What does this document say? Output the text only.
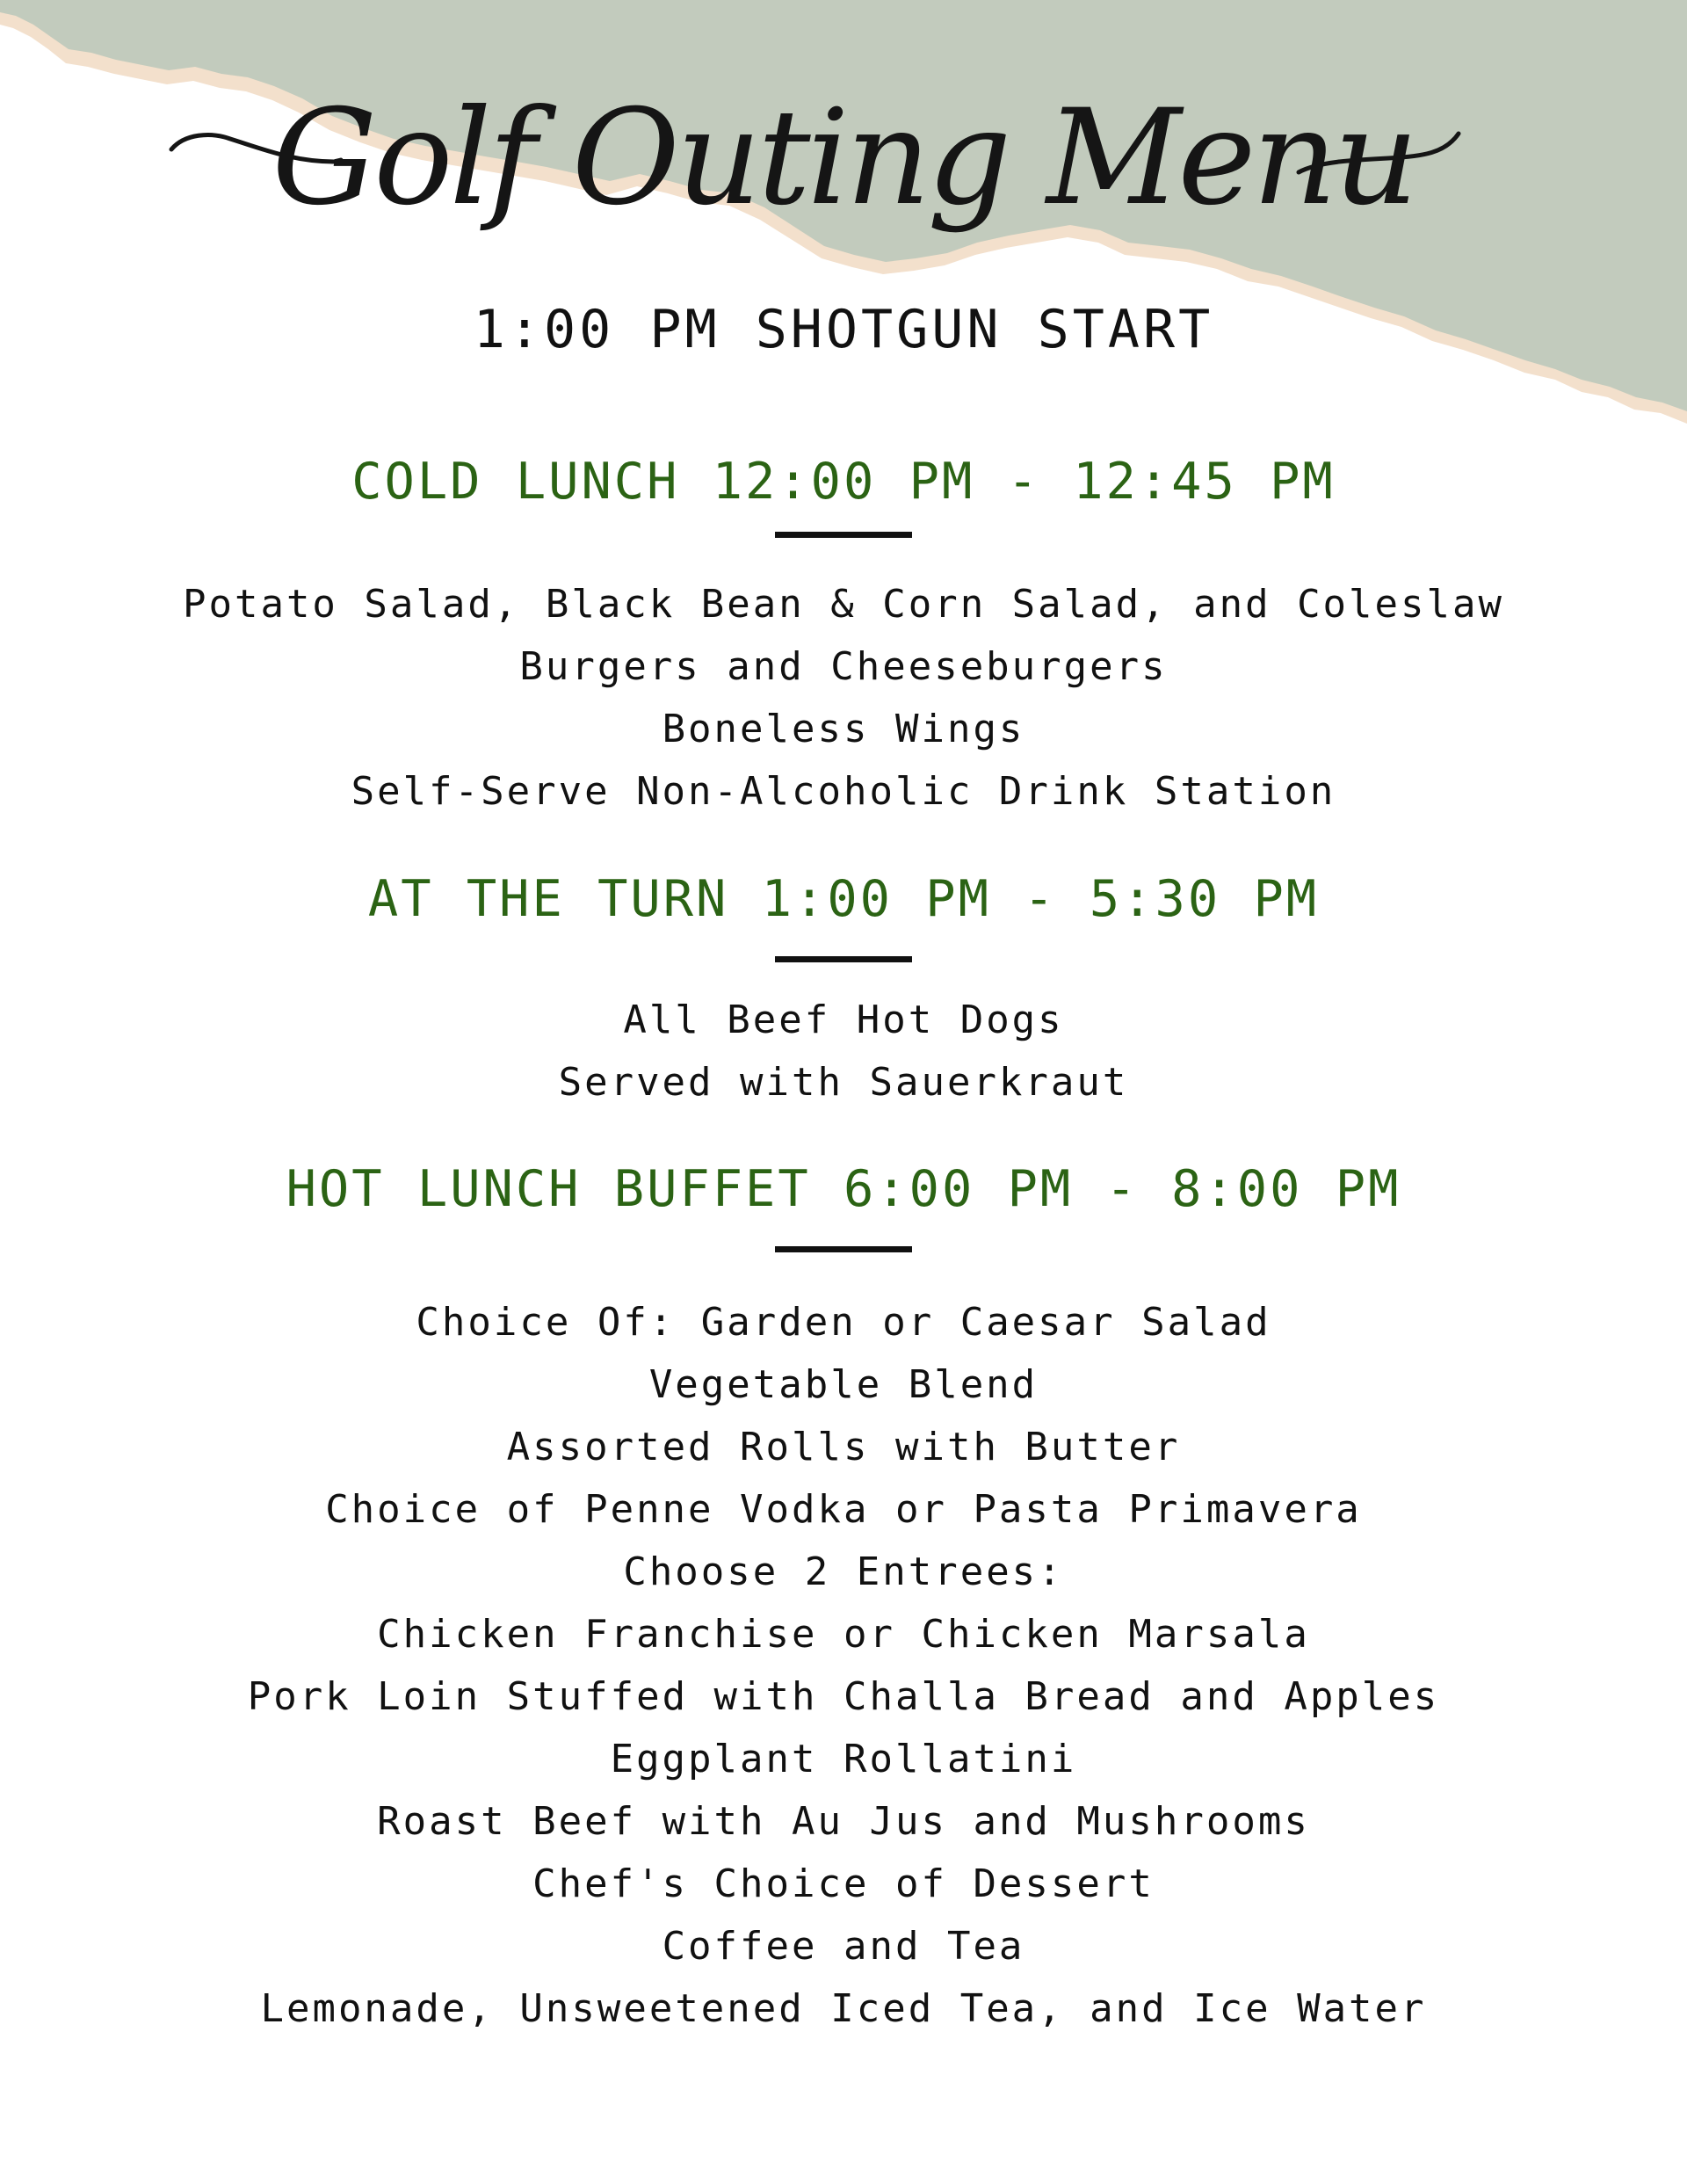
Golf Outing Menu
1:00 PM SHOTGUN START
COLD LUNCH 12:00 PM - 12:45 PM
Potato Salad, Black Bean & Corn Salad, and Coleslaw
Burgers and Cheeseburgers
Boneless Wings
Self-Serve Non-Alcoholic Drink Station
AT THE TURN 1:00 PM - 5:30 PM
All Beef Hot Dogs
Served with Sauerkraut
HOT LUNCH BUFFET 6:00 PM - 8:00 PM
Choice Of: Garden or Caesar Salad
Vegetable Blend
Assorted Rolls with Butter
Choice of Penne Vodka or Pasta Primavera
Choose 2 Entrees:
Chicken Franchise or Chicken Marsala
Pork Loin Stuffed with Challa Bread and Apples
Eggplant Rollatini
Roast Beef with Au Jus and Mushrooms
Chef's Choice of Dessert
Coffee and Tea
Lemonade, Unsweetened Iced Tea, and Ice Water
